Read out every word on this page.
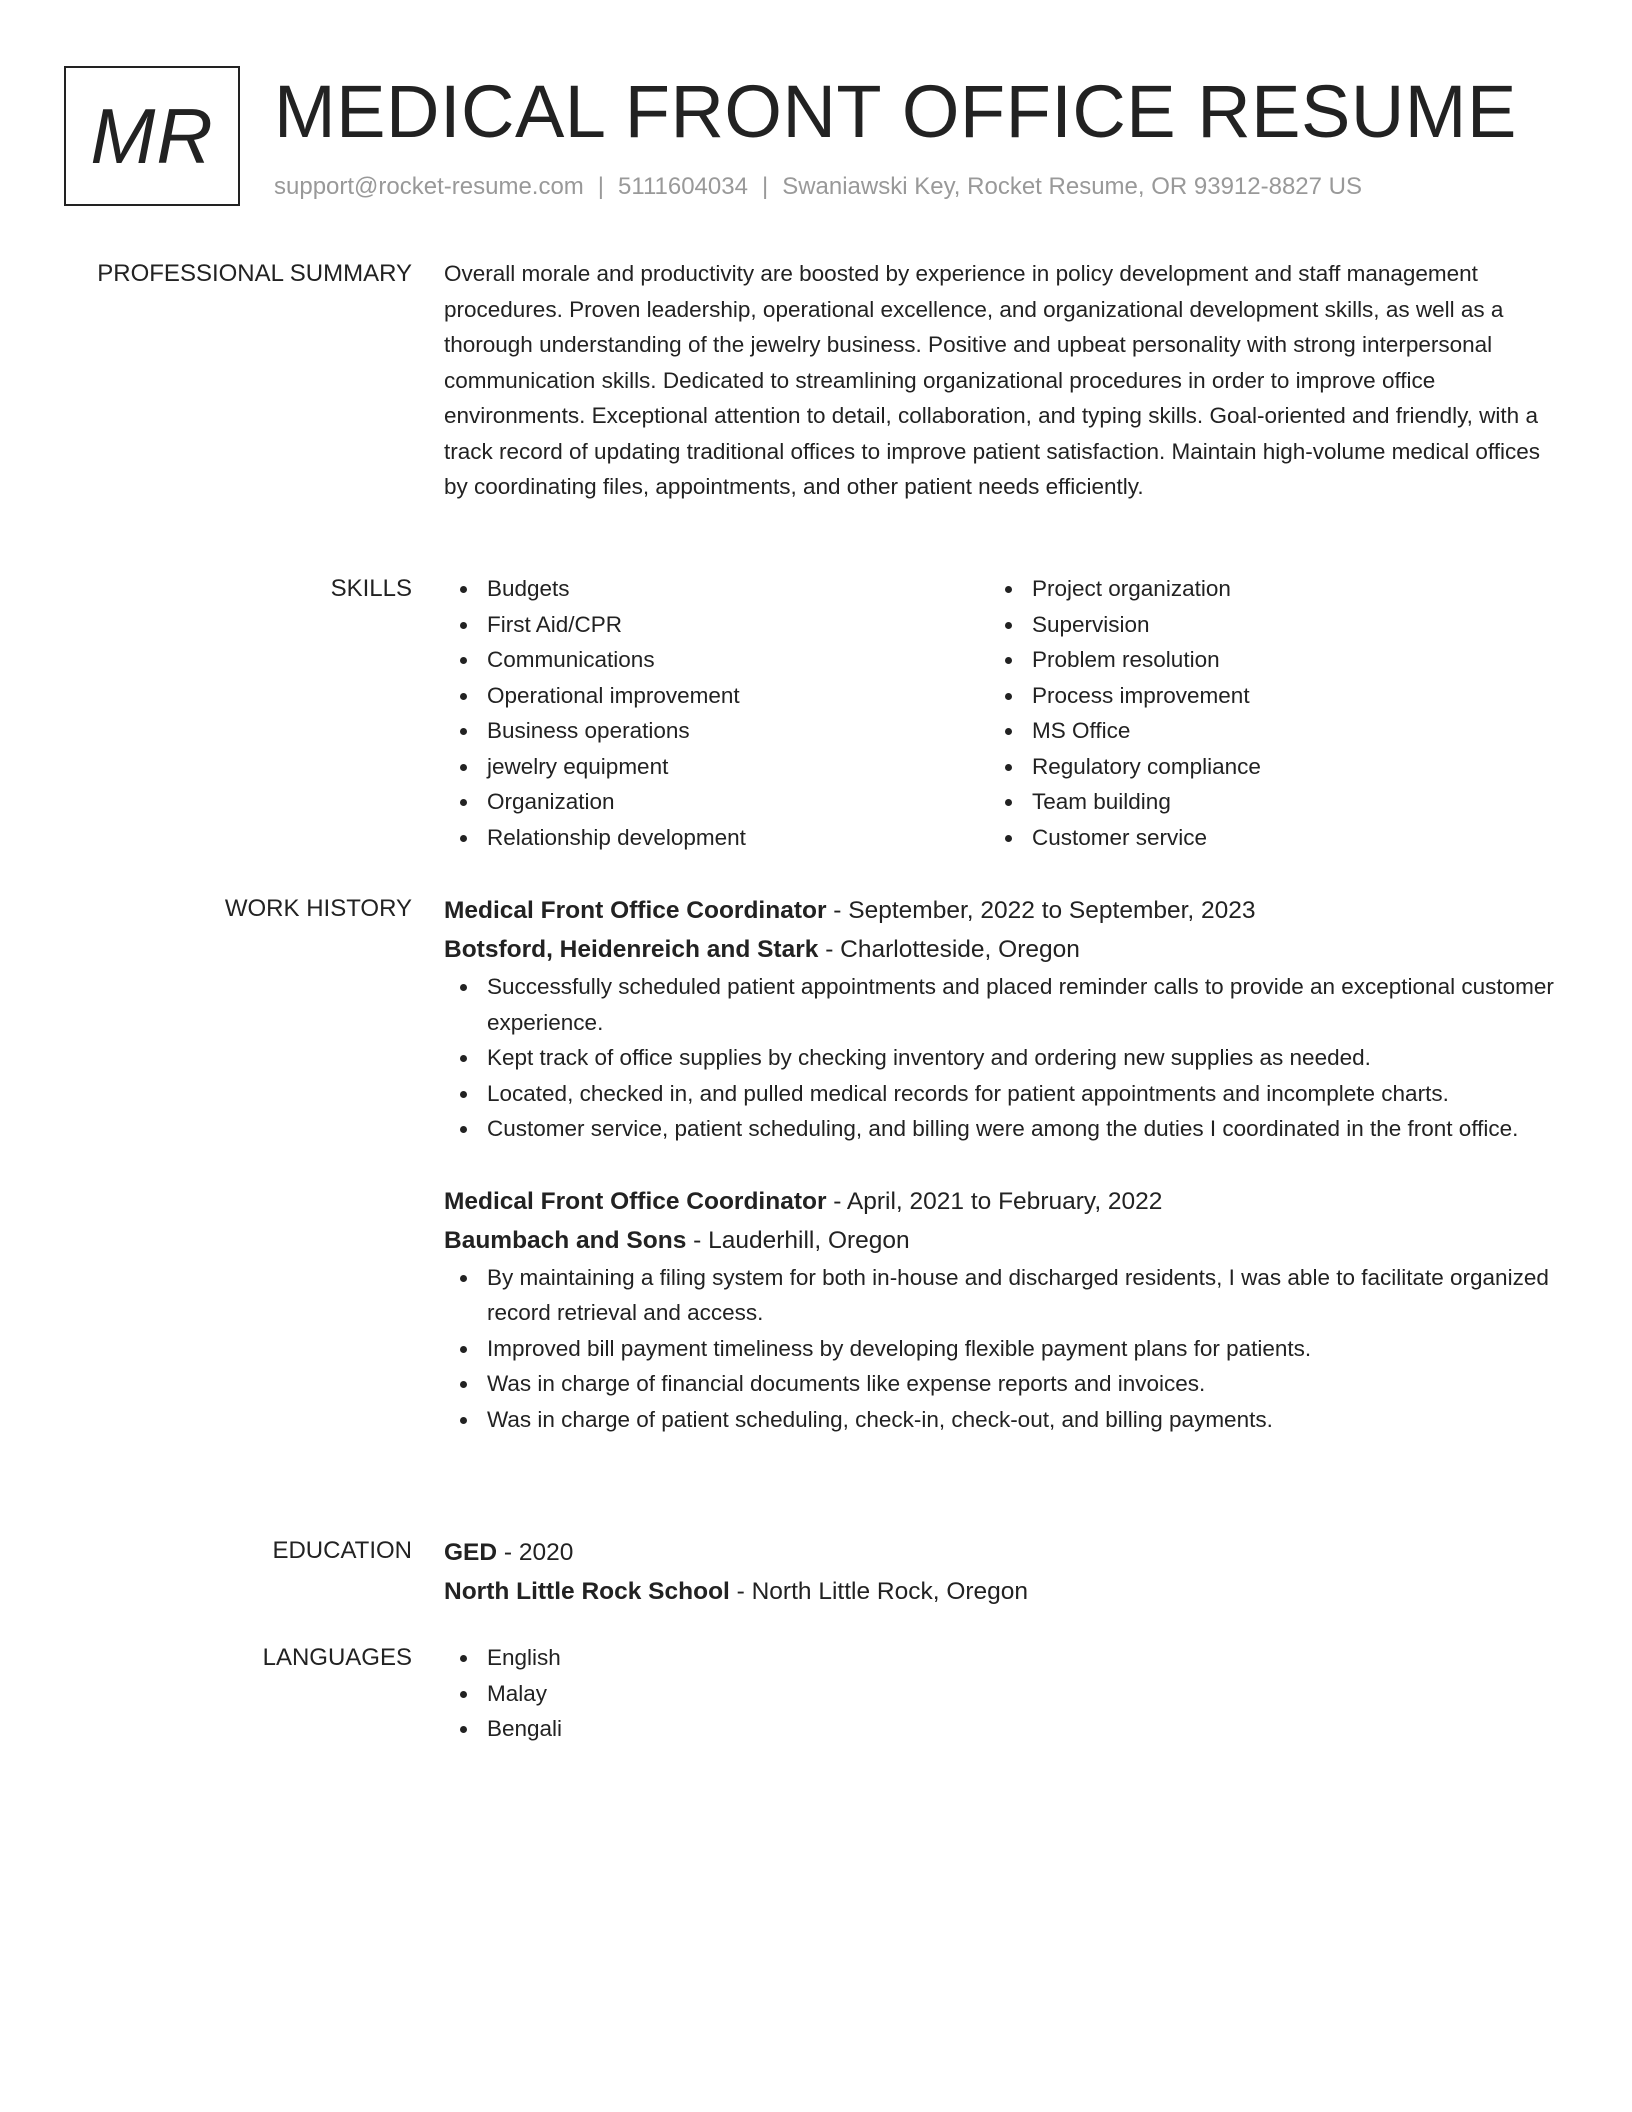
MR MEDICAL FRONT OFFICE RESUME
support@rocket-resume.com | 5111604034 | Swaniawski Key, Rocket Resume, OR 93912-8827 US
PROFESSIONAL SUMMARY Overall morale and productivity are boosted by experience in policy development and staff management procedures. Proven leadership, operational excellence, and organizational development skills, as well as a thorough understanding of the jewelry business. Positive and upbeat personality with strong interpersonal communication skills. Dedicated to streamlining organizational procedures in order to improve office environments. Exceptional attention to detail, collaboration, and typing skills. Goal-oriented and friendly, with a track record of updating traditional offices to improve patient satisfaction. Maintain high-volume medical offices by coordinating files, appointments, and other patient needs efficiently.

SKILLS	Budgets
First Aid/CPR
Communications
Operational improvement
Business operations
jewelry equipment
Organization
Relationship development
Project organization
Supervision
Problem resolution
Process improvement
MS Office
Regulatory compliance
Team building
Customer service
WORK HISTORY Medical Front Office Coordinator - September, 2022 to September, 2023
Botsford, Heidenreich and Stark - Charlotteside, Oregon
Successfully scheduled patient appointments and placed reminder calls to provide an exceptional customer experience.
Kept track of office supplies by checking inventory and ordering new supplies as needed.
Located, checked in, and pulled medical records for patient appointments and incomplete charts.
Customer service, patient scheduling, and billing were among the duties I coordinated in the front office.
Medical Front Office Coordinator - April, 2021 to February, 2022
Baumbach and Sons - Lauderhill, Oregon
By maintaining a filing system for both in-house and discharged residents, I was able to facilitate organized record retrieval and access.
Improved bill payment timeliness by developing flexible payment plans for patients.
Was in charge of financial documents like expense reports and invoices.
Was in charge of patient scheduling, check-in, check-out, and billing payments.
EDUCATION GED - 2020
North Little Rock School - North Little Rock, Oregon
LANGUAGES	English
Malay
Bengali
